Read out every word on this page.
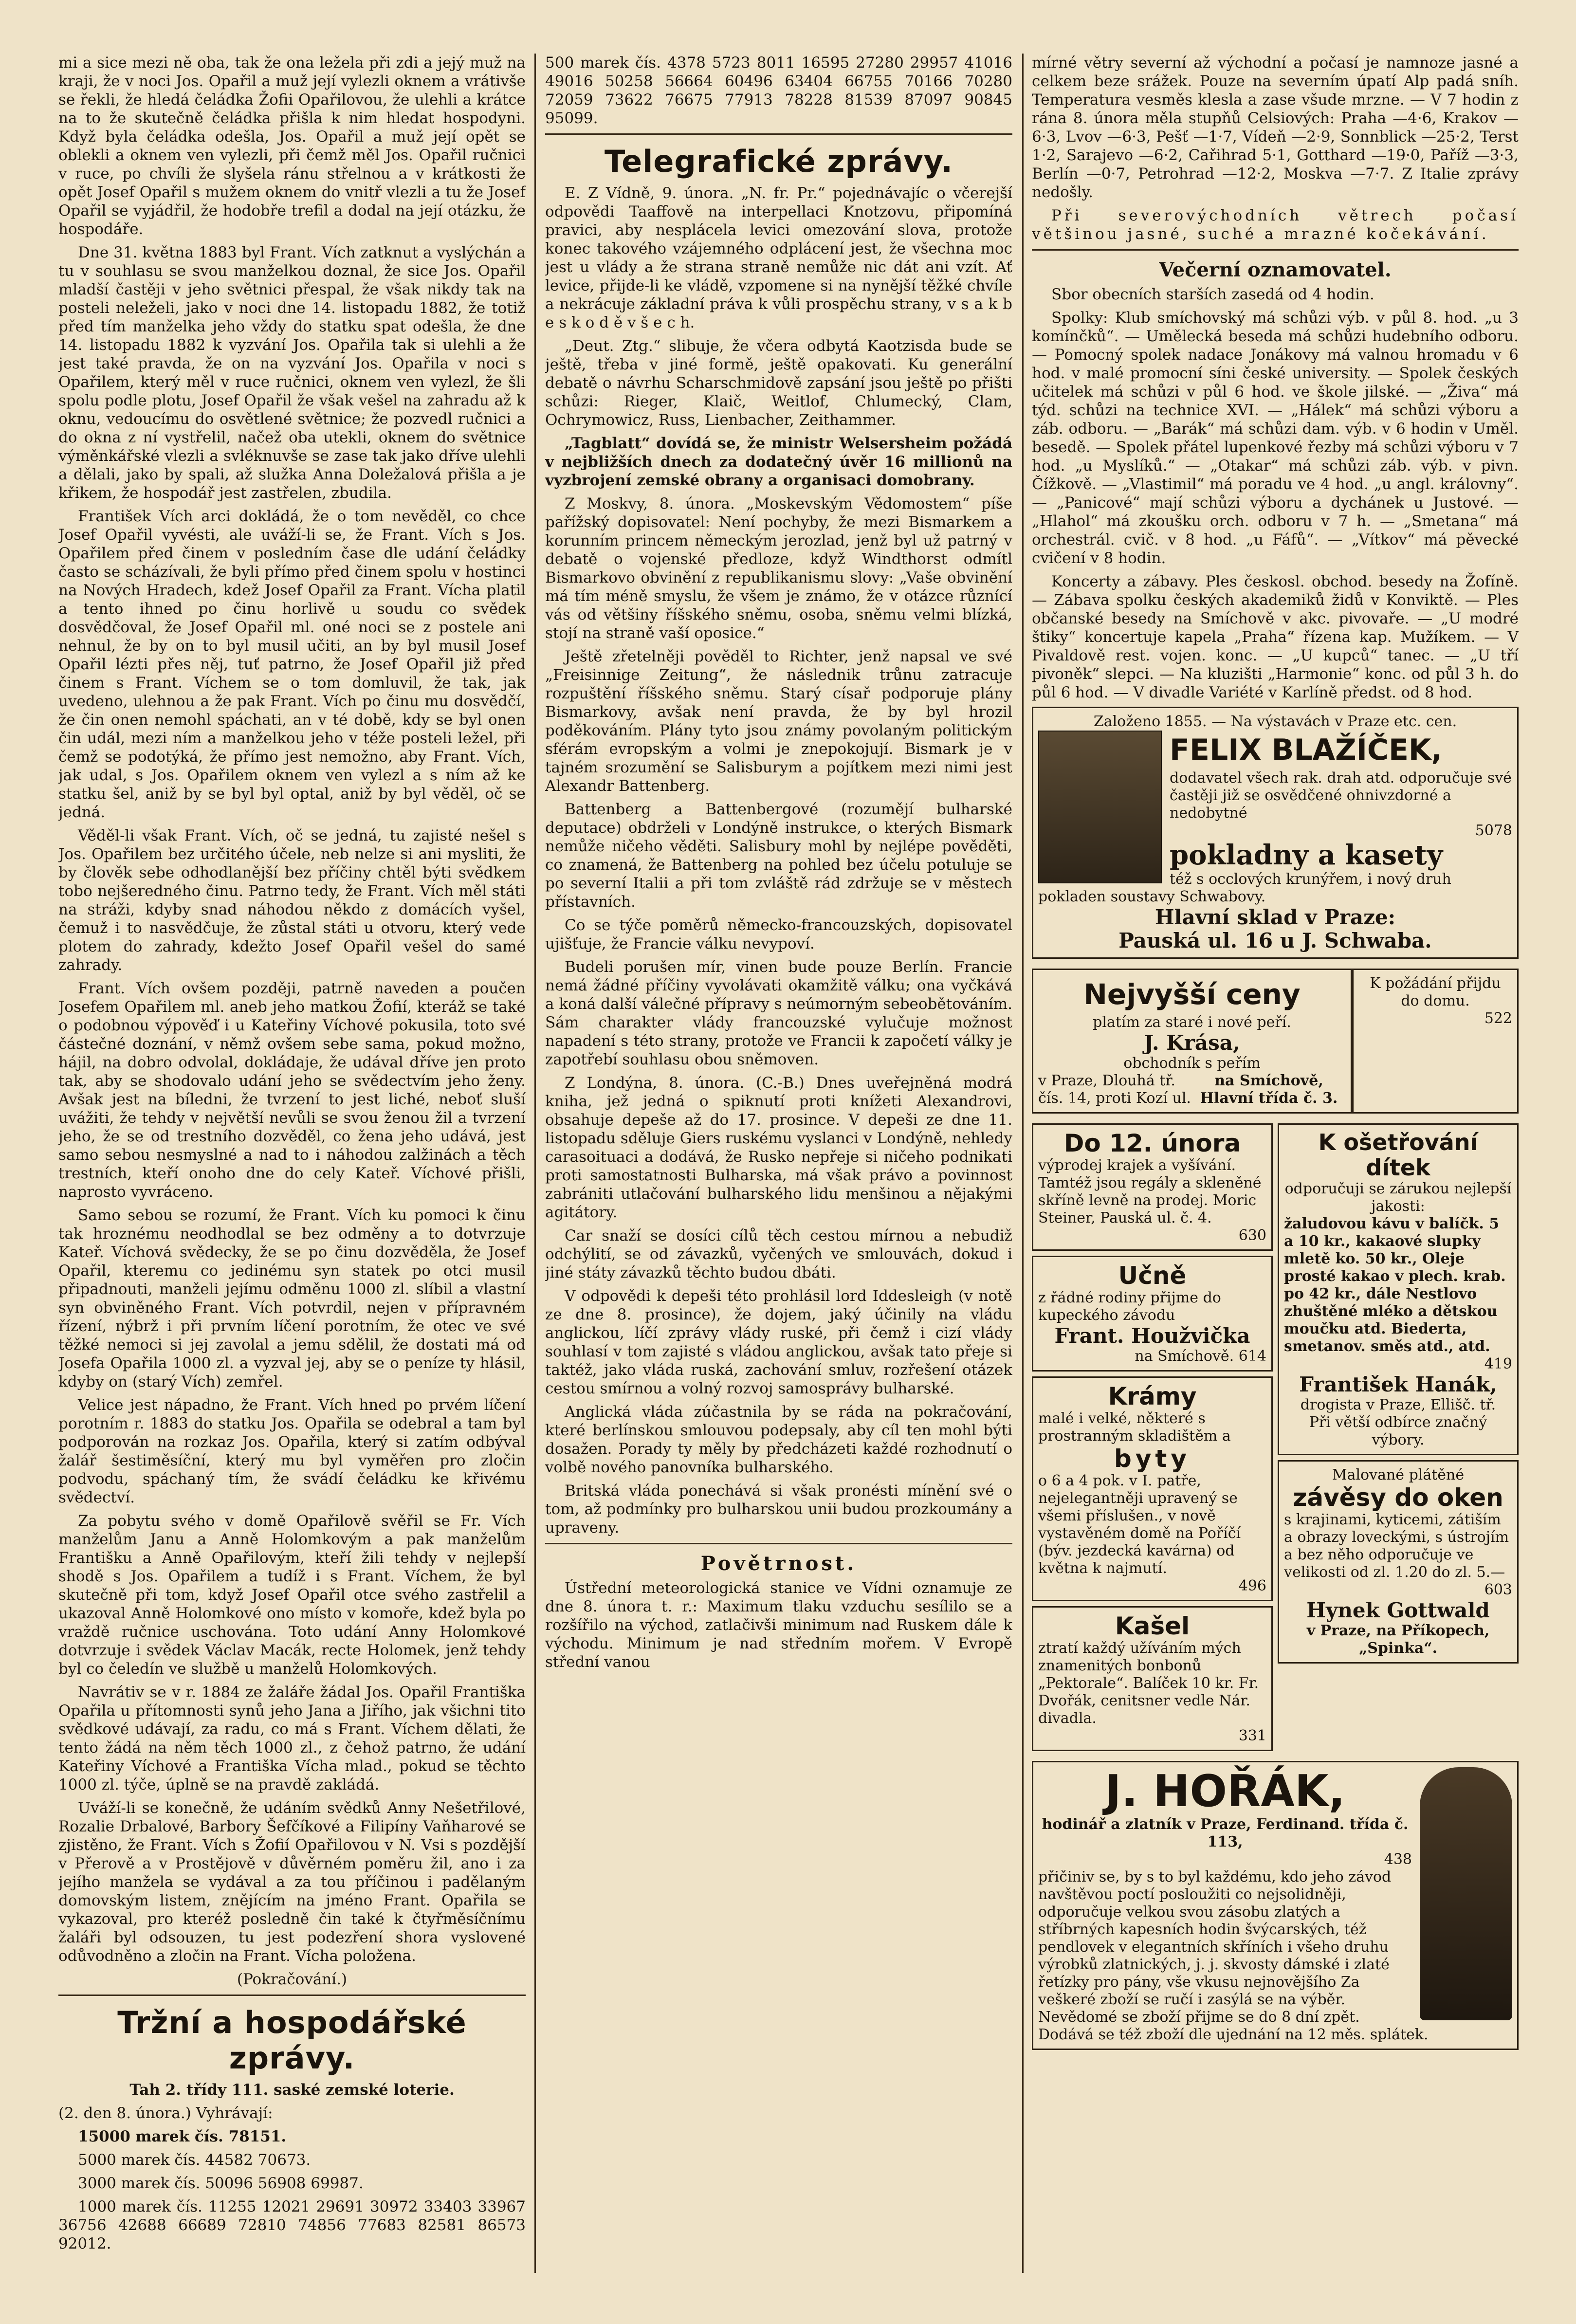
mi a sice mezi ně oba, tak že ona ležela při zdi a jejý muž na kraji, že v noci Jos. Opařil a muž její vylezli oknem a vrátivše se řekli, že hledá čeládka Žofii Opařilovou, že ulehli a krátce na to že skutečně čeládka přišla k nim hledat hospodyni. Když byla čeládka odešla, Jos. Opařil a muž její opět se oblekli a oknem ven vylezli, při čemž měl Jos. Opařil ručnici v ruce, po chvíli že slyšela ránu střelnou a v krátkosti že opět Josef Opařil s mužem oknem do vnitř vlezli a tu že Josef Opařil se vyjádřil, že hodobře trefil a dodal na její otázku, že hospodáře.

Dne 31. května 1883 byl Frant. Vích zatknut a vyslýchán a tu v souhlasu se svou manželkou doznal, že sice Jos. Opařil mladší častěji v jeho světnici přespal, že však nikdy tak na posteli neleželi, jako v noci dne 14. listopadu 1882, že totiž před tím manželka jeho vždy do statku spat odešla, že dne 14. listopadu 1882 k vyzvání Jos. Opařila tak si ulehli a že jest také pravda, že on na vyzvání Jos. Opařila v noci s Opařilem, který měl v ruce ručnici, oknem ven vylezl, že šli spolu podle plotu, Josef Opařil že však vešel na zahradu až k oknu, vedoucímu do osvětlené světnice; že pozvedl ručnici a do okna z ní vystřelil, načež oba utekli, oknem do světnice výměnkářské vlezli a svléknuvše se zase tak jako dříve ulehli a dělali, jako by spali, až služka Anna Doležalová přišla a je křikem, že hospodář jest zastřelen, zbudila.

František Vích arci dokládá, že o tom nevěděl, co chce Josef Opařil vyvésti, ale uváží-li se, že Frant. Vích s Jos. Opařilem před činem v posledním čase dle udání čeládky často se scházívali, že byli přímo před činem spolu v hostinci na Nových Hradech, kdež Josef Opařil za Frant. Vícha platil a tento ihned po činu horlivě u soudu co svědek dosvědčoval, že Josef Opařil ml. oné noci se z postele ani nehnul, že by on to byl musil učiti, an by byl musil Josef Opařil lézti přes něj, tuť patrno, že Josef Opařil již před činem s Frant. Víchem se o tom domluvil, že tak, jak uvedeno, ulehnou a že pak Frant. Vích po činu mu dosvědčí, že čin onen nemohl spáchati, an v té době, kdy se byl onen čin udál, mezi ním a manželkou jeho v téže posteli ležel, při čemž se podotýká, že přímo jest nemožno, aby Frant. Vích, jak udal, s Jos. Opařilem oknem ven vylezl a s ním až ke statku šel, aniž by se byl byl optal, aniž by byl věděl, oč se jedná.

Věděl-li však Frant. Vích, oč se jedná, tu zajisté nešel s Jos. Opařilem bez určitého účele, neb nelze si ani mysliti, že by člověk sebe odhodlanější bez příčiny chtěl býti svědkem tobo nejšeredného činu. Patrno tedy, že Frant. Vích měl státi na stráži, kdyby snad náhodou někdo z domácích vyšel, čemuž i to nasvědčuje, že zůstal státi u otvoru, který vede plotem do zahrady, kdežto Josef Opařil vešel do samé zahrady.

Frant. Vích ovšem později, patrně naveden a poučen Josefem Opařilem ml. aneb jeho matkou Žofií, kteráž se také o podobnou výpověď i u Kateřiny Víchové pokusila, toto své částečné doznání, v němž ovšem sebe sama, pokud možno, hájil, na dobro odvolal, dokládaje, že udával dříve jen proto tak, aby se shodovalo udání jeho se svědectvím jeho ženy. Avšak jest na bíledni, že tvrzení to jest liché, neboť sluší uvážiti, že tehdy v největší nevůli se svou ženou žil a tvrzení jeho, že se od trestního dozvěděl, co žena jeho udává, jest samo sebou nesmyslné a nad to i náhodou zalžinách a těch trestních, kteří onoho dne do cely Kateř. Víchové přišli, naprosto vyvráceno.

Samo sebou se rozumí, že Frant. Vích ku pomoci k činu tak hroznému neodhodlal se bez odměny a to dotvrzuje Kateř. Víchová svědecky, že se po činu dozvěděla, že Josef Opařil, kteremu co jedinému syn statek po otci musil připadnouti, manželi jejímu odměnu 1000 zl. slíbil a vlastní syn obviněného Frant. Vích potvrdil, nejen v přípravném řízení, nýbrž i při prvním líčení porotním, že otec ve své těžké nemoci si jej zavolal a jemu sdělil, že dostati má od Josefa Opařila 1000 zl. a vyzval jej, aby se o peníze ty hlásil, kdyby on (starý Vích) zemřel.

Velice jest nápadno, že Frant. Vích hned po prvém líčení porotním r. 1883 do statku Jos. Opařila se odebral a tam byl podporován na rozkaz Jos. Opařila, který si zatím odbýval žalář šestiměsíční, který mu byl vyměřen pro zločin podvodu, spáchaný tím, že svádí čeládku ke křivému svědectví.

Za pobytu svého v domě Opařilově svěřil se Fr. Vích manželům Janu a Anně Holomkovým a pak manželům Františku a Anně Opařilovým, kteří žili tehdy v nejlepší shodě s Jos. Opařilem a tudíž i s Frant. Víchem, že byl skutečně při tom, když Josef Opařil otce svého zastřelil a ukazoval Anně Holomkové ono místo v komoře, kdež byla po vraždě ručnice uschována. Toto udání Anny Holomkové dotvrzuje i svědek Václav Macák, recte Holomek, jenž tehdy byl co čeledín ve službě u manželů Holomkových.

Navrátiv se v r. 1884 ze žaláře žádal Jos. Opařil Františka Opařila u přítomnosti synů jeho Jana a Jiřího, jak všichni tito svědkové udávají, za radu, co má s Frant. Víchem dělati, že tento žádá na něm těch 1000 zl., z čehož patrno, že udání Kateřiny Víchové a Františka Vícha mlad., pokud se těchto 1000 zl. týče, úplně se na pravdě zakládá.

Uváží-li se konečně, že udáním svědků Anny Nešetřilové, Rozalie Drbalové, Barbory Šefčíkové a Filipíny Vaňharové se zjistěno, že Frant. Vích s Žofií Opařilovou v N. Vsi s pozdější v Přerově a v Prostějově v důvěrném poměru žil, ano i za jejího manžela se vydával a za tou příčinou i padělaným domovským listem, znějícím na jméno Frant. Opařila se vykazoval, pro kteréž posledně čin také k čtyřměsíčnímu žaláři byl odsouzen, tu jest podezření shora vyslovené odůvodněno a zločin na Frant. Vícha položena.

(Pokračování.)

Tržní a hospodářské zprávy.

Tah 2. třídy 111. saské zemské loterie.

(2. den 8. února.) Vyhrávají:

15000 marek čís. 78151.

5000 marek čís. 44582 70673.

3000 marek čís. 50096 56908 69987.

1000 marek čís. 11255 12021 29691 30972 33403 33967 36756 42688 66689 72810 74856 77683 82581 86573 92012.

500 marek čís. 4378 5723 8011 16595 27280 29957 41016 49016 50258 56664 60496 63404 66755 70166 70280 72059 73622 76675 77913 78228 81539 87097 90845 95099.

Telegrafické zprávy.

E. Z Vídně, 9. února. „N. fr. Pr.“ pojednávajíc o včerejší odpovědi Taaffově na interpellaci Knotzovu, připomíná pravici, aby nesplácela levici omezování slova, protože konec takového vzájemného odplácení jest, že všechna moc jest u vlády a že strana straně nemůže nic dát ani vzít. Ať levice, přijde-li ke vládě, vzpomene si na nynější těžké chvíle a nekrácuje základní práva k vůli prospěchu strany, v s a k b e s k o d ě v š e c h.

„Deut. Ztg.“ slibuje, že včera odbytá Kaotzisda bude se ještě, třeba v jiné formě, ještě opakovati. Ku generální debatě o návrhu Scharschmidově zapsání jsou ještě po přišti schůzi: Rieger, Klaič, Weitlof, Chlumecký, Clam, Ochrymowicz, Russ, Lienbacher, Zeithammer.

„Tagblatt“ dovídá se, že ministr Welsersheim požádá v nejbližších dnech za dodatečný úvěr 16 millionů na vyzbrojení zemské obrany a organisaci domobrany.

Z Moskvy, 8. února. „Moskevským Vědomostem“ píše pařížský dopisovatel: Není pochyby, že mezi Bismarkem a korunním princem německým jerozlad, jenž byl už patrný v debatě o vojenské předloze, když Windthorst odmítl Bismarkovo obvinění z republikanismu slovy: „Vaše obvinění má tím méně smyslu, že všem je známo, že v otázce různící vás od většiny říšského sněmu, osoba, sněmu velmi blízká, stojí na straně vaší oposice.“

Ještě zřetelněji pověděl to Richter, jenž napsal ve své „Freisinnige Zeitung“, že následnik trůnu zatracuje rozpuštění říšského sněmu. Starý císař podporuje plány Bismarkovy, avšak není pravda, že by byl hrozil poděkováním. Plány tyto jsou známy povolaným politickým sférám evropským a volmi je znepokojují. Bismark je v tajném srozumění se Salisburym a pojítkem mezi nimi jest Alexandr Battenberg.

Battenberg a Battenbergové (rozumějí bulharské deputace) obdrželi v Londýně instrukce, o kterých Bismark nemůže ničeho věděti. Salisbury mohl by nejlépe pověděti, co znamená, že Battenberg na pohled bez účelu potuluje se po severní Italii a při tom zvláště rád zdržuje se v městech přístavních.

Co se týče poměrů německo-francouzských, dopisovatel ujišťuje, že Francie válku nevypoví.

Budeli porušen mír, vinen bude pouze Berlín. Francie nemá žádné příčiny vyvolávati okamžitě válku; ona vyčkává a koná další válečné přípravy s neúmorným sebeobětováním. Sám charakter vlády francouzské vylučuje možnost napadení s této strany, protože ve Francii k započetí války je zapotřebí souhlasu obou sněmoven.

Z Londýna, 8. února. (C.-B.) Dnes uveřejněná modrá kniha, jež jedná o spiknutí proti knížeti Alexandrovi, obsahuje depeše až do 17. prosince. V depeši ze dne 11. listopadu sděluje Giers ruskému vyslanci v Londýně, nehledy carasoituaci a dodává, že Rusko nepřeje si ničeho podnikati proti samostatnosti Bulharska, má však právo a povinnost zabrániti utlačování bulharského lidu menšinou a nějakými agitátory.

Car snaží se dosíci cílů těch cestou mírnou a nebudiž odchýlití, se od závazků, vyčených ve smlouvách, dokud i jiné státy závazků těchto budou dbáti.

V odpovědi k depeši této prohlásil lord Iddesleigh (v notě ze dne 8. prosince), že dojem, jaký účinily na vládu anglickou, líčí zprávy vlády ruské, při čemž i cizí vlády souhlasí v tom zajisté s vládou anglickou, avšak tato přeje si taktéž, jako vláda ruská, zachování smluv, rozřešení otázek cestou smírnou a volný rozvoj samosprávy bulharské.

Anglická vláda zúčastnila by se ráda na pokračování, které berlínskou smlouvou podepsaly, aby cíl ten mohl býti dosažen. Porady ty měly by předcházeti každé rozhodnutí o volbě nového panovníka bulharského.

Britská vláda ponechává si však pronésti mínění své o tom, až podmínky pro bulharskou unii budou prozkoumány a upraveny.

Povětrnost.

Ústřední meteorologická stanice ve Vídni oznamuje ze dne 8. února t. r.: Maximum tlaku vzduchu sesílilo se a rozšířilo na východ, zatlačivši minimum nad Ruskem dále k východu. Minimum je nad středním mořem. V Evropě střední vanou

mírné větry severní až východní a počasí je namnoze jasné a celkem beze srážek. Pouze na severním úpatí Alp padá sníh. Temperatura vesměs klesla a zase všude mrzne. — V 7 hodin z rána 8. února měla stupňů Celsiových: Praha —4·6, Krakov —6·3, Lvov —6·3, Pešť —1·7, Vídeň —2·9, Sonnblick —25·2, Terst 1·2, Sarajevo —6·2, Cařihrad 5·1, Gotthard —19·0, Paříž —3·3, Berlín —0·7, Petrohrad —12·2, Moskva —7·7. Z Italie zprávy nedošly.

Při severovýchodních větrech počasí většinou jasné, suché a mrazné kočekávání.

Večerní oznamovatel.

Sbor obecních starších zasedá od 4 hodin.

Spolky: Klub smíchovský má schůzi výb. v půl 8. hod. „u 3 komínčků“. — Umělecká beseda má schůzi hudebního odboru. — Pomocný spolek nadace Jonákovy má valnou hromadu v 6 hod. v malé promocní síni české university. — Spolek českých učitelek má schůzi v půl 6 hod. ve škole jilské. — „Živa“ má týd. schůzi na technice XVI. — „Hálek“ má schůzi výboru a záb. odboru. — „Barák“ má schůzi dam. výb. v 6 hodin v Uměl. besedě. — Spolek přátel lupenkové řezby má schůzi výboru v 7 hod. „u Myslíků.“ — „Otakar“ má schůzi záb. výb. v pivn. Čížkově. — „Vlastimil“ má poradu ve 4 hod. „u angl. královny“. — „Panicové“ mají schůzi výboru a dychánek u Justové. — „Hlahol“ má zkoušku orch. odboru v 7 h. — „Smetana“ má orchestrál. cvič. v 8 hod. „u Fáfů“. — „Vítkov“ má pěvecké cvičení v 8 hodin.

Koncerty a zábavy. Ples českosl. obchod. besedy na Žofíně. — Zábava spolku českých akademiků židů v Konviktě. — Ples občanské besedy na Smíchově v akc. pivovaře. — „U modré štiky“ koncertuje kapela „Praha“ řízena kap. Mužíkem. — V Pivaldově rest. vojen. konc. — „U kupců“ tanec. — „U tří pivoněk“ slepci. — Na kluzišti „Harmonie“ konc. od půl 3 h. do půl 6 hod. — V divadle Variété v Karlíně předst. od 8 hod.

Založeno 1855. — Na výstavách v Praze etc. cen.
FELIX BLAŽÍČEK,
dodavatel všech rak. drah atd. odporučuje své častěji již se osvědčené ohnivzdorné a nedobytné
5078
pokladny a kasety
též s occlových krunýřem, i nový druh pokladen soustavy Schwabovy.
Hlavní sklad v Praze:
Pauská ul. 16 u J. Schwaba.
Nejvyšší ceny
platím za staré i nové peří.
J. Krása,
obchodník s peřím
v Praze, Dlouhá tř. čís. 14, proti Kozí ul.
na Smíchově, Hlavní třída č. 3.
K požádání přijdu do domu.
522
Do 12. února
výprodej krajek a vyšívání. Tamtéž jsou regály a skleněné skříně levně na prodej. Moric Steiner, Pauská ul. č. 4.
630
Učně
z řádné rodiny přijme do kupeckého závodu
Frant. Houžvička
na Smíchově. 614
Krámy
malé i velké, některé s prostranným skladištěm a
byty
o 6 a 4 pok. v I. patře, nejelegantněji upravený se všemi příslušen., v nově vystavěném domě na Poříčí (býv. jezdecká kavárna) od května k najmutí.
496
Kašel
ztratí každý užíváním mých znamenitých bonbonů „Pektorale“. Balíček 10 kr. Fr. Dvořák, cenitsner vedle Nár. divadla.
331
K ošetřování dítek
odporučuji se zárukou nejlepší jakosti:
žaludovou kávu v balíčk. 5 a 10 kr., kakaové slupky mletě ko. 50 kr., Oleje prosté kakao v plech. krab. po 42 kr., dále Nestlovo zhuštěné mléko a dětskou moučku atd. Biederta, smetanov. směs atd., atd.
419
František Hanák,
drogista v Praze, Ellišč. tř.
Při větší odbírce značný výbory.
Malované plátěné
závěsy do oken
s krajinami, kyticemi, zátiším a obrazy loveckými, s ústrojím a bez něho odporučuje ve velikosti od zl. 1.20 do zl. 5.—
603
Hynek Gottwald
v Praze, na Příkopech, „Spinka“.
J. HOŘÁK,
hodinář a zlatník v Praze, Ferdinand. třída č. 113,
438
přičiniv se, by s to byl každému, kdo jeho závod navštěvou poctí posloužiti co nejsolidněji, odporučuje velkou svou zásobu zlatých a stříbrných kapesních hodin švýcarských, též pendlovek v elegantních skříních i všeho druhu výrobků zlatnických, j. j. skvosty dámské i zlaté řetízky pro pány, vše vkusu nejnovějšího Za veškeré zboží se ručí i zasýlá se na výběr. Nevědomé se zboží přijme se do 8 dní zpět. Dodává se též zboží dle ujednání na 12 měs. splátek.
